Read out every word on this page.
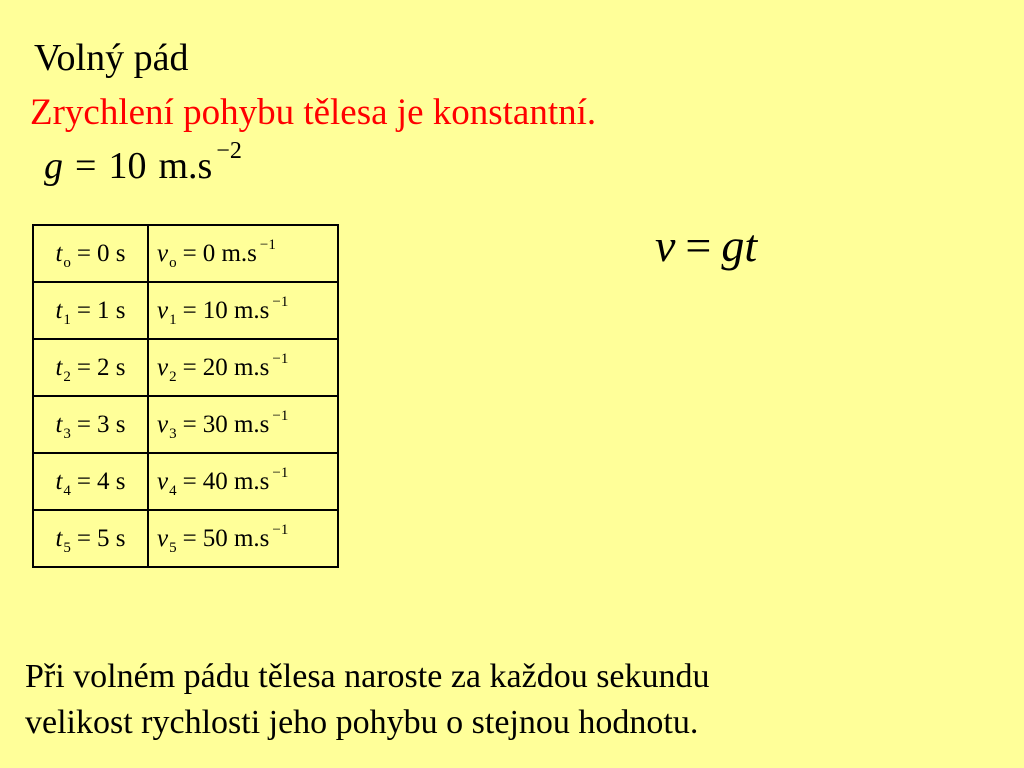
Volný pád
Zrychlení pohybu tělesa je konstantní.
g = 10 m.s $^{-2}$
$t_o = 0$ s	$v_o = 0$ m.s $^{-1}$
$t_1 = 1$ s	$v_1 = 10$ m.s $^{-1}$
$t_2 = 2$ s	$v_2 = 20$ m.s $^{-1}$
$t_3 = 3$ s	$v_3 = 30$ m.s $^{-1}$
$t_4 = 4$ s	$v_4 = 40$ m.s $^{-1}$
$t_5 = 5$ s	$v_5 = 50$ m.s $^{-1}$
v = gt
Při volném pádu tělesa naroste za každou sekundu
velikost rychlosti jeho pohybu o stejnou hodnotu.
